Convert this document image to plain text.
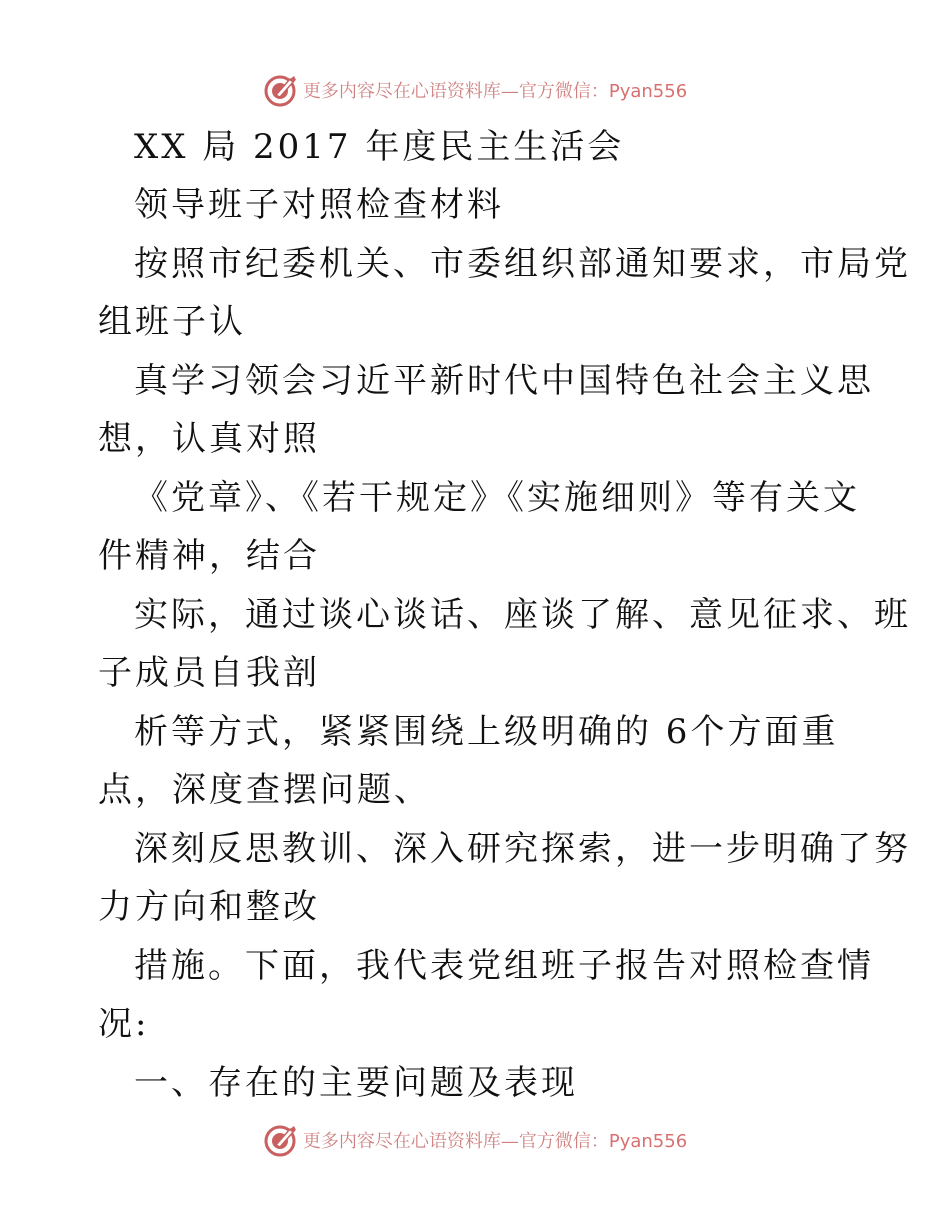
更多内容尽在心语资料库—官方微信：Pyan556
XX 局 2017 年度民主生活会
领导班子对照检查材料
按照市纪委机关、市委组织部通知要求，市局党
组班子认
真学习领会习近平新时代中国特色社会主义思
想，认真对照
《党章》、《若干规定》《实施细则》等有关文
件精神，结合
实际，通过谈心谈话、座谈了解、意见征求、班
子成员自我剖
析等方式，紧紧围绕上级明确的 6个方面重
点，深度查摆问题、
深刻反思教训、深入研究探索，进一步明确了努
力方向和整改
措施。下面，我代表党组班子报告对照检查情
况:
一、存在的主要问题及表现
更多内容尽在心语资料库—官方微信：Pyan556
